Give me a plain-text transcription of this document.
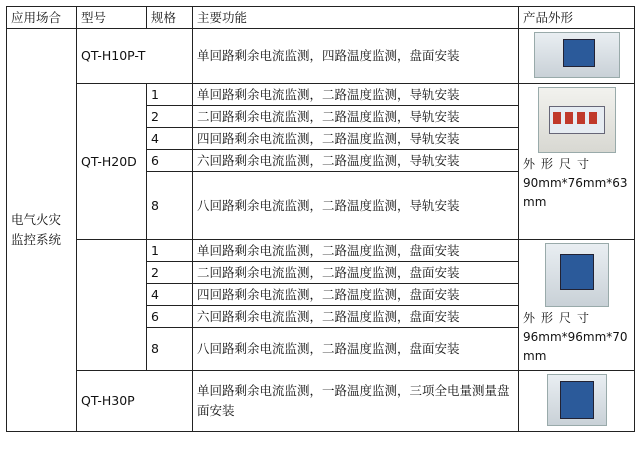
应用场合	型号	规格	主要功能	产品外形
电气火灾监控系统	QT-H10P-T		单回路剩余电流监测，四路温度监测，盘面安装	

	QT-H20D	1	单回路剩余电流监测，二路温度监测，导轨安装	外形尺寸
90mm*76mm*63mm

		2	二回路剩余电流监测，二路温度监测，导轨安装	
		4	四回路剩余电流监测，二路温度监测，导轨安装	
		6	六回路剩余电流监测，二路温度监测，导轨安装	
		8	八回路剩余电流监测，二路温度监测，导轨安装	
		1	单回路剩余电流监测，二路温度监测，盘面安装	外形尺寸
96mm*96mm*70mm

		2	二回路剩余电流监测，二路温度监测，盘面安装	
		4	四回路剩余电流监测，二路温度监测，盘面安装	
		6	六回路剩余电流监测，二路温度监测，盘面安装	
		8	八回路剩余电流监测，二路温度监测，盘面安装	
	QT-H30P		单回路剩余电流监测，一路温度监测，三项全电量测量盘面安装	
